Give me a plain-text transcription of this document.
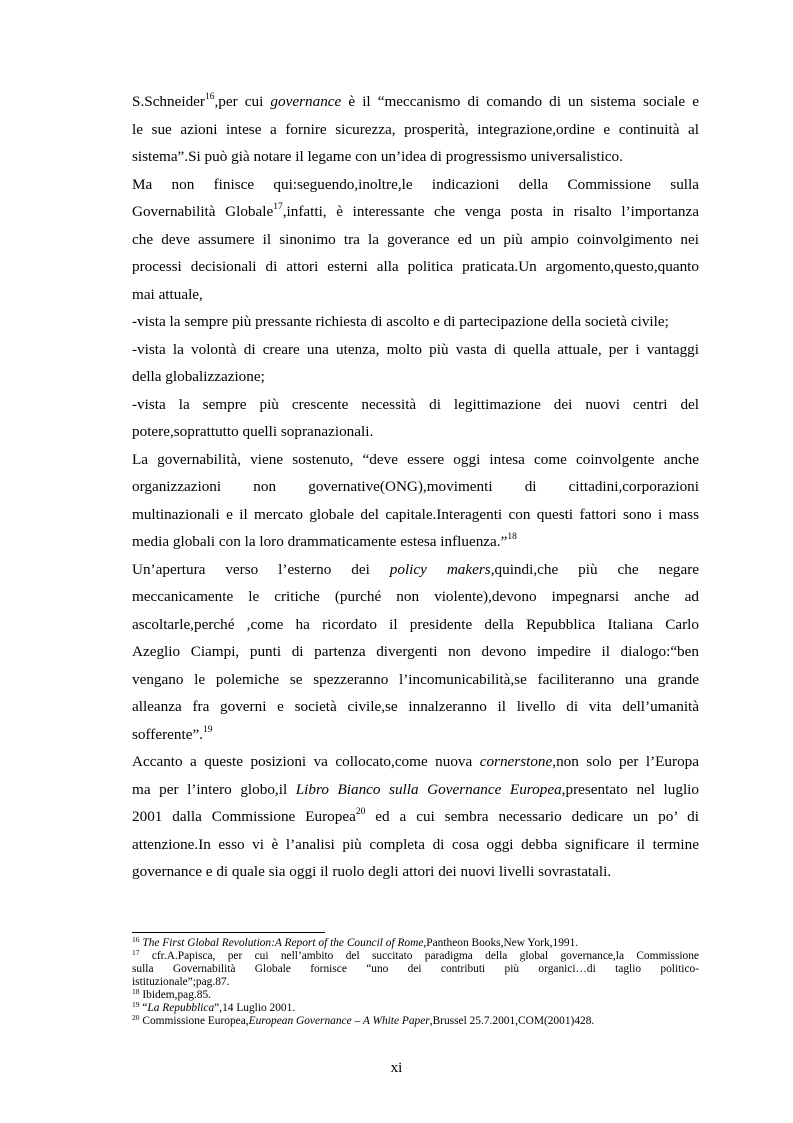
S.Schneider$^{16}$,per cui governance è il “meccanismo di comando di un sistema sociale e
le sue azioni intese a fornire sicurezza, prosperità, integrazione,ordine e continuità al
sistema”.Si può già notare il legame con un’idea di progressismo universalistico.
Ma non finisce qui:seguendo,inoltre,le indicazioni della Commissione sulla
Governabilità Globale$^{17}$,infatti, è interessante che venga posta in risalto l’importanza
che deve assumere il sinonimo tra la goverance ed un più ampio coinvolgimento nei
processi decisionali di attori esterni alla politica praticata.Un argomento,questo,quanto
mai attuale,
-vista la sempre più pressante richiesta di ascolto e di partecipazione della società civile;
-vista la volontà di creare una utenza, molto più vasta di quella attuale, per i vantaggi
della globalizzazione;
-vista la sempre più crescente necessità di legittimazione dei nuovi centri del
potere,soprattutto quelli sopranazionali.
La governabilità, viene sostenuto, “deve essere oggi intesa come coinvolgente anche
organizzazioni non governative(ONG),movimenti di cittadini,corporazioni
multinazionali e il mercato globale del capitale.Interagenti con questi fattori sono i mass
media globali con la loro drammaticamente estesa influenza.”$^{18}$
Un’apertura verso l’esterno dei policy makers,quindi,che più che negare
meccanicamente le critiche (purché non violente),devono impegnarsi anche ad
ascoltarle,perché ,come ha ricordato il presidente della Repubblica Italiana Carlo
Azeglio Ciampi, punti di partenza divergenti non devono impedire il dialogo:“ben
vengano le polemiche se spezzeranno l’incomunicabilità,se faciliteranno una grande
alleanza fra governi e società civile,se innalzeranno il livello di vita dell’umanità
sofferente”.$^{19}$
Accanto a queste posizioni va collocato,come nuova cornerstone,non solo per l’Europa
ma per l’intero globo,il Libro Bianco sulla Governance Europea,presentato nel luglio
2001 dalla Commissione Europea$^{20}$ ed a cui sembra necessario dedicare un po’ di
attenzione.In esso vi è l’analisi più completa di cosa oggi debba significare il termine
governance e di quale sia oggi il ruolo degli attori dei nuovi livelli sovrastatali.
$^{16}$ The First Global Revolution:A Report of the Council of Rome,Pantheon Books,New York,1991.
$^{17}$ cfr.A.Papisca, per cui nell’ambito del succitato paradigma della global governance,la Commissione
sulla Governabilità Globale fornisce “uno dei contributi più organici…di taglio politico-
istituzionale”;pag.87.
$^{18}$ Ibidem,pag.85.
$^{19}$ “La Repubblica”,14 Luglio 2001.
$^{20}$ Commissione Europea,European Governance – A White Paper,Brussel 25.7.2001,COM(2001)428.
xi
